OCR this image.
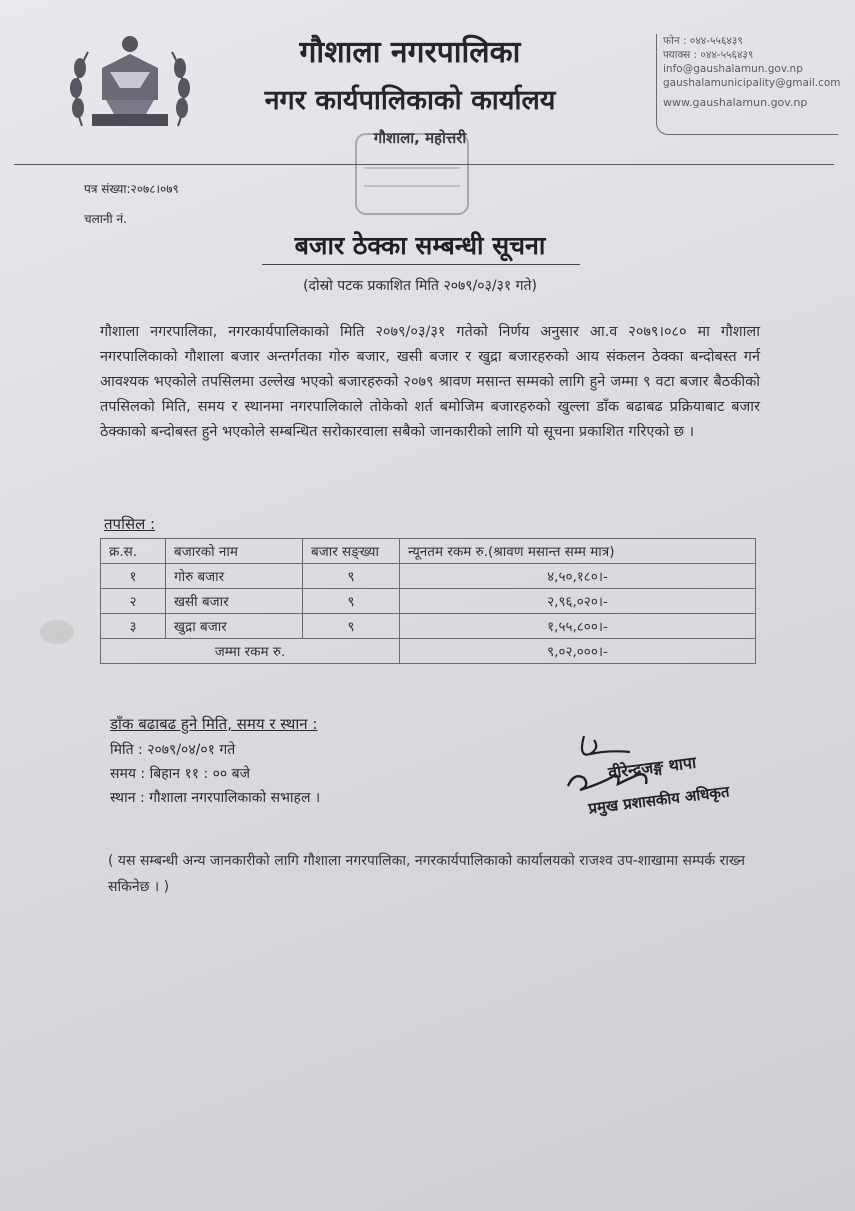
गौशाला नगरपालिका
नगर कार्यपालिकाको कार्यालय
गौशाला, महोत्तरी
फोन : ०४४-५५६४३९
फ्याक्स : ०४४-५५६४३९
info@gaushalamun.gov.np
gaushalamunicipality@gmail.com
www.gaushalamun.gov.np
पत्र संख्या:२०७८।०७९
चलानी नं.
बजार ठेक्का सम्बन्धी सूचना
(दोस्रो पटक प्रकाशित मिति २०७९/०३/३१ गते)
गौशाला नगरपालिका, नगरकार्यपालिकाको मिति २०७९/०३/३१ गतेको निर्णय अनुसार आ.व २०७९।०८० मा गौशाला नगरपालिकाको गौशाला बजार अन्तर्गतका गोरु बजार, खसी बजार र खुद्रा बजारहरुको आय संकलन ठेक्का बन्दोबस्त गर्न आवश्यक भएकोले तपसिलमा उल्लेख भएको बजारहरुको २०७९ श्रावण मसान्त सम्मको लागि हुने जम्मा ९ वटा बजार बैठकीको तपसिलको मिति, समय र स्थानमा नगरपालिकाले तोकेको शर्त बमोजिम बजारहरुको खुल्ला डाँक बढाबढ प्रक्रियाबाट बजार ठेक्काको बन्दोबस्त हुने भएकोले सम्बन्धित सरोकारवाला सबैको जानकारीको लागि यो सूचना प्रकाशित गरिएको छ ।
तपसिल :
क्र.स.	बजारको नाम	बजार सङ्ख्या	न्यूनतम रकम रु.(श्रावण मसान्त सम्म मात्र)
१	गोरु बजार	९	४,५०,१८०।-
२	खसी बजार	९	२,९६,०२०।-
३	खुद्रा बजार	९	१,५५,८००।-
जम्मा रकम रु.			९,०२,०००।-
डाँक बढाबढ हुने मिति, समय र स्थान :
मिति : २०७९/०४/०१ गते
समय : बिहान ११ : ०० बजे
स्थान : गौशाला नगरपालिकाको सभाहल ।
वीरेन्द्रजङ्ग थापा
प्रमुख प्रशासकीय अधिकृत
( यस सम्बन्धी अन्य जानकारीको लागि गौशाला नगरपालिका, नगरकार्यपालिकाको कार्यालयको राजश्व उप-शाखामा सम्पर्क राख्न सकिनेछ । )
